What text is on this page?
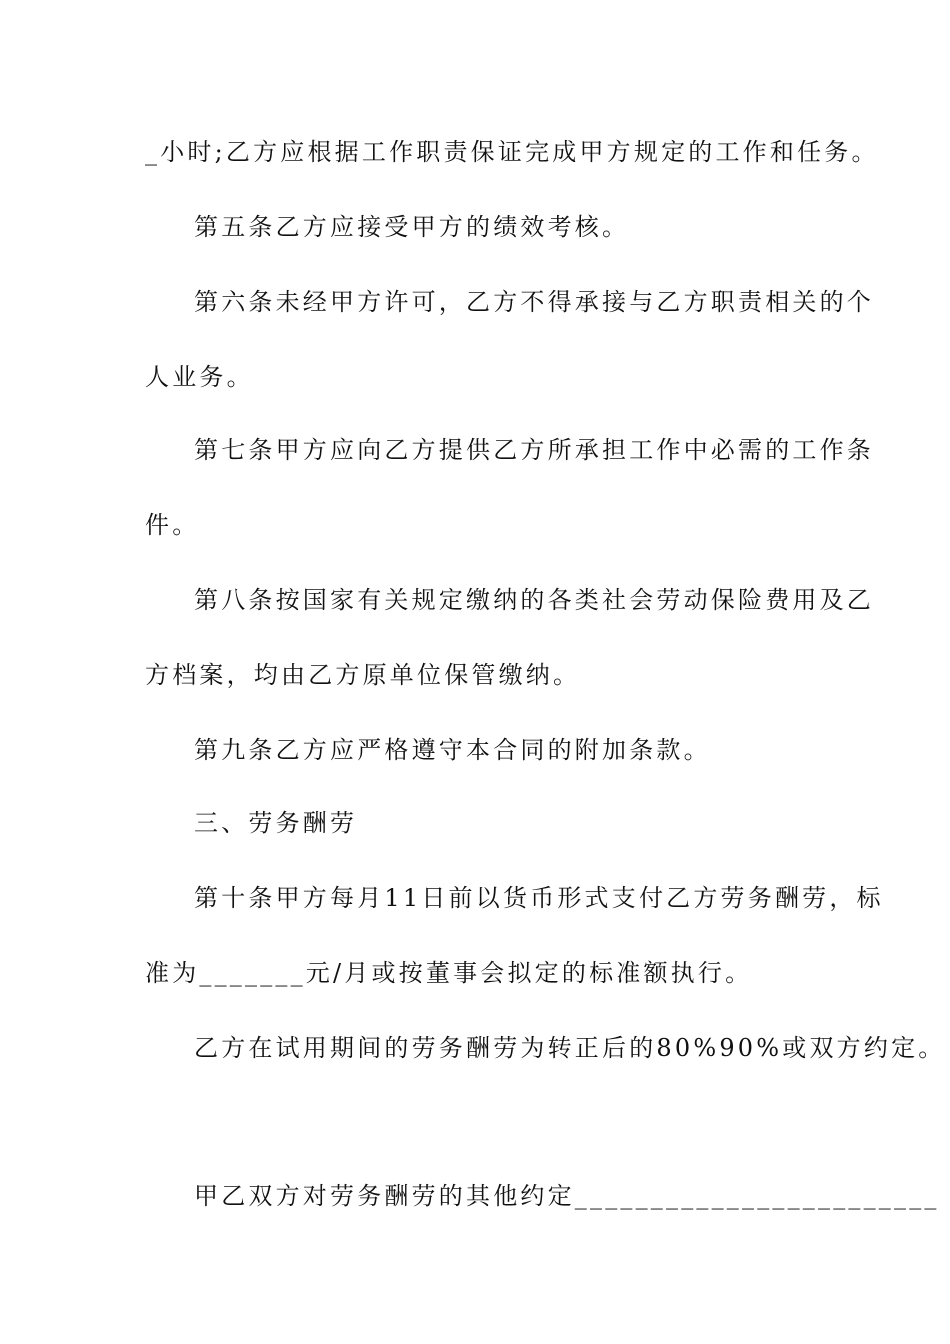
_小时;乙方应根据工作职责保证完成甲方规定的工作和任务。
第五条乙方应接受甲方的绩效考核。
第六条未经甲方许可，乙方不得承接与乙方职责相关的个
人业务。
第七条甲方应向乙方提供乙方所承担工作中必需的工作条
件。
第八条按国家有关规定缴纳的各类社会劳动保险费用及乙
方档案，均由乙方原单位保管缴纳。
第九条乙方应严格遵守本合同的附加条款。
三、劳务酬劳
第十条甲方每月11日前以货币形式支付乙方劳务酬劳，标
准为_______元/月或按董事会拟定的标准额执行。
乙方在试用期间的劳务酬劳为转正后的80%90%或双方约定。
甲乙双方对劳务酬劳的其他约定________________________
